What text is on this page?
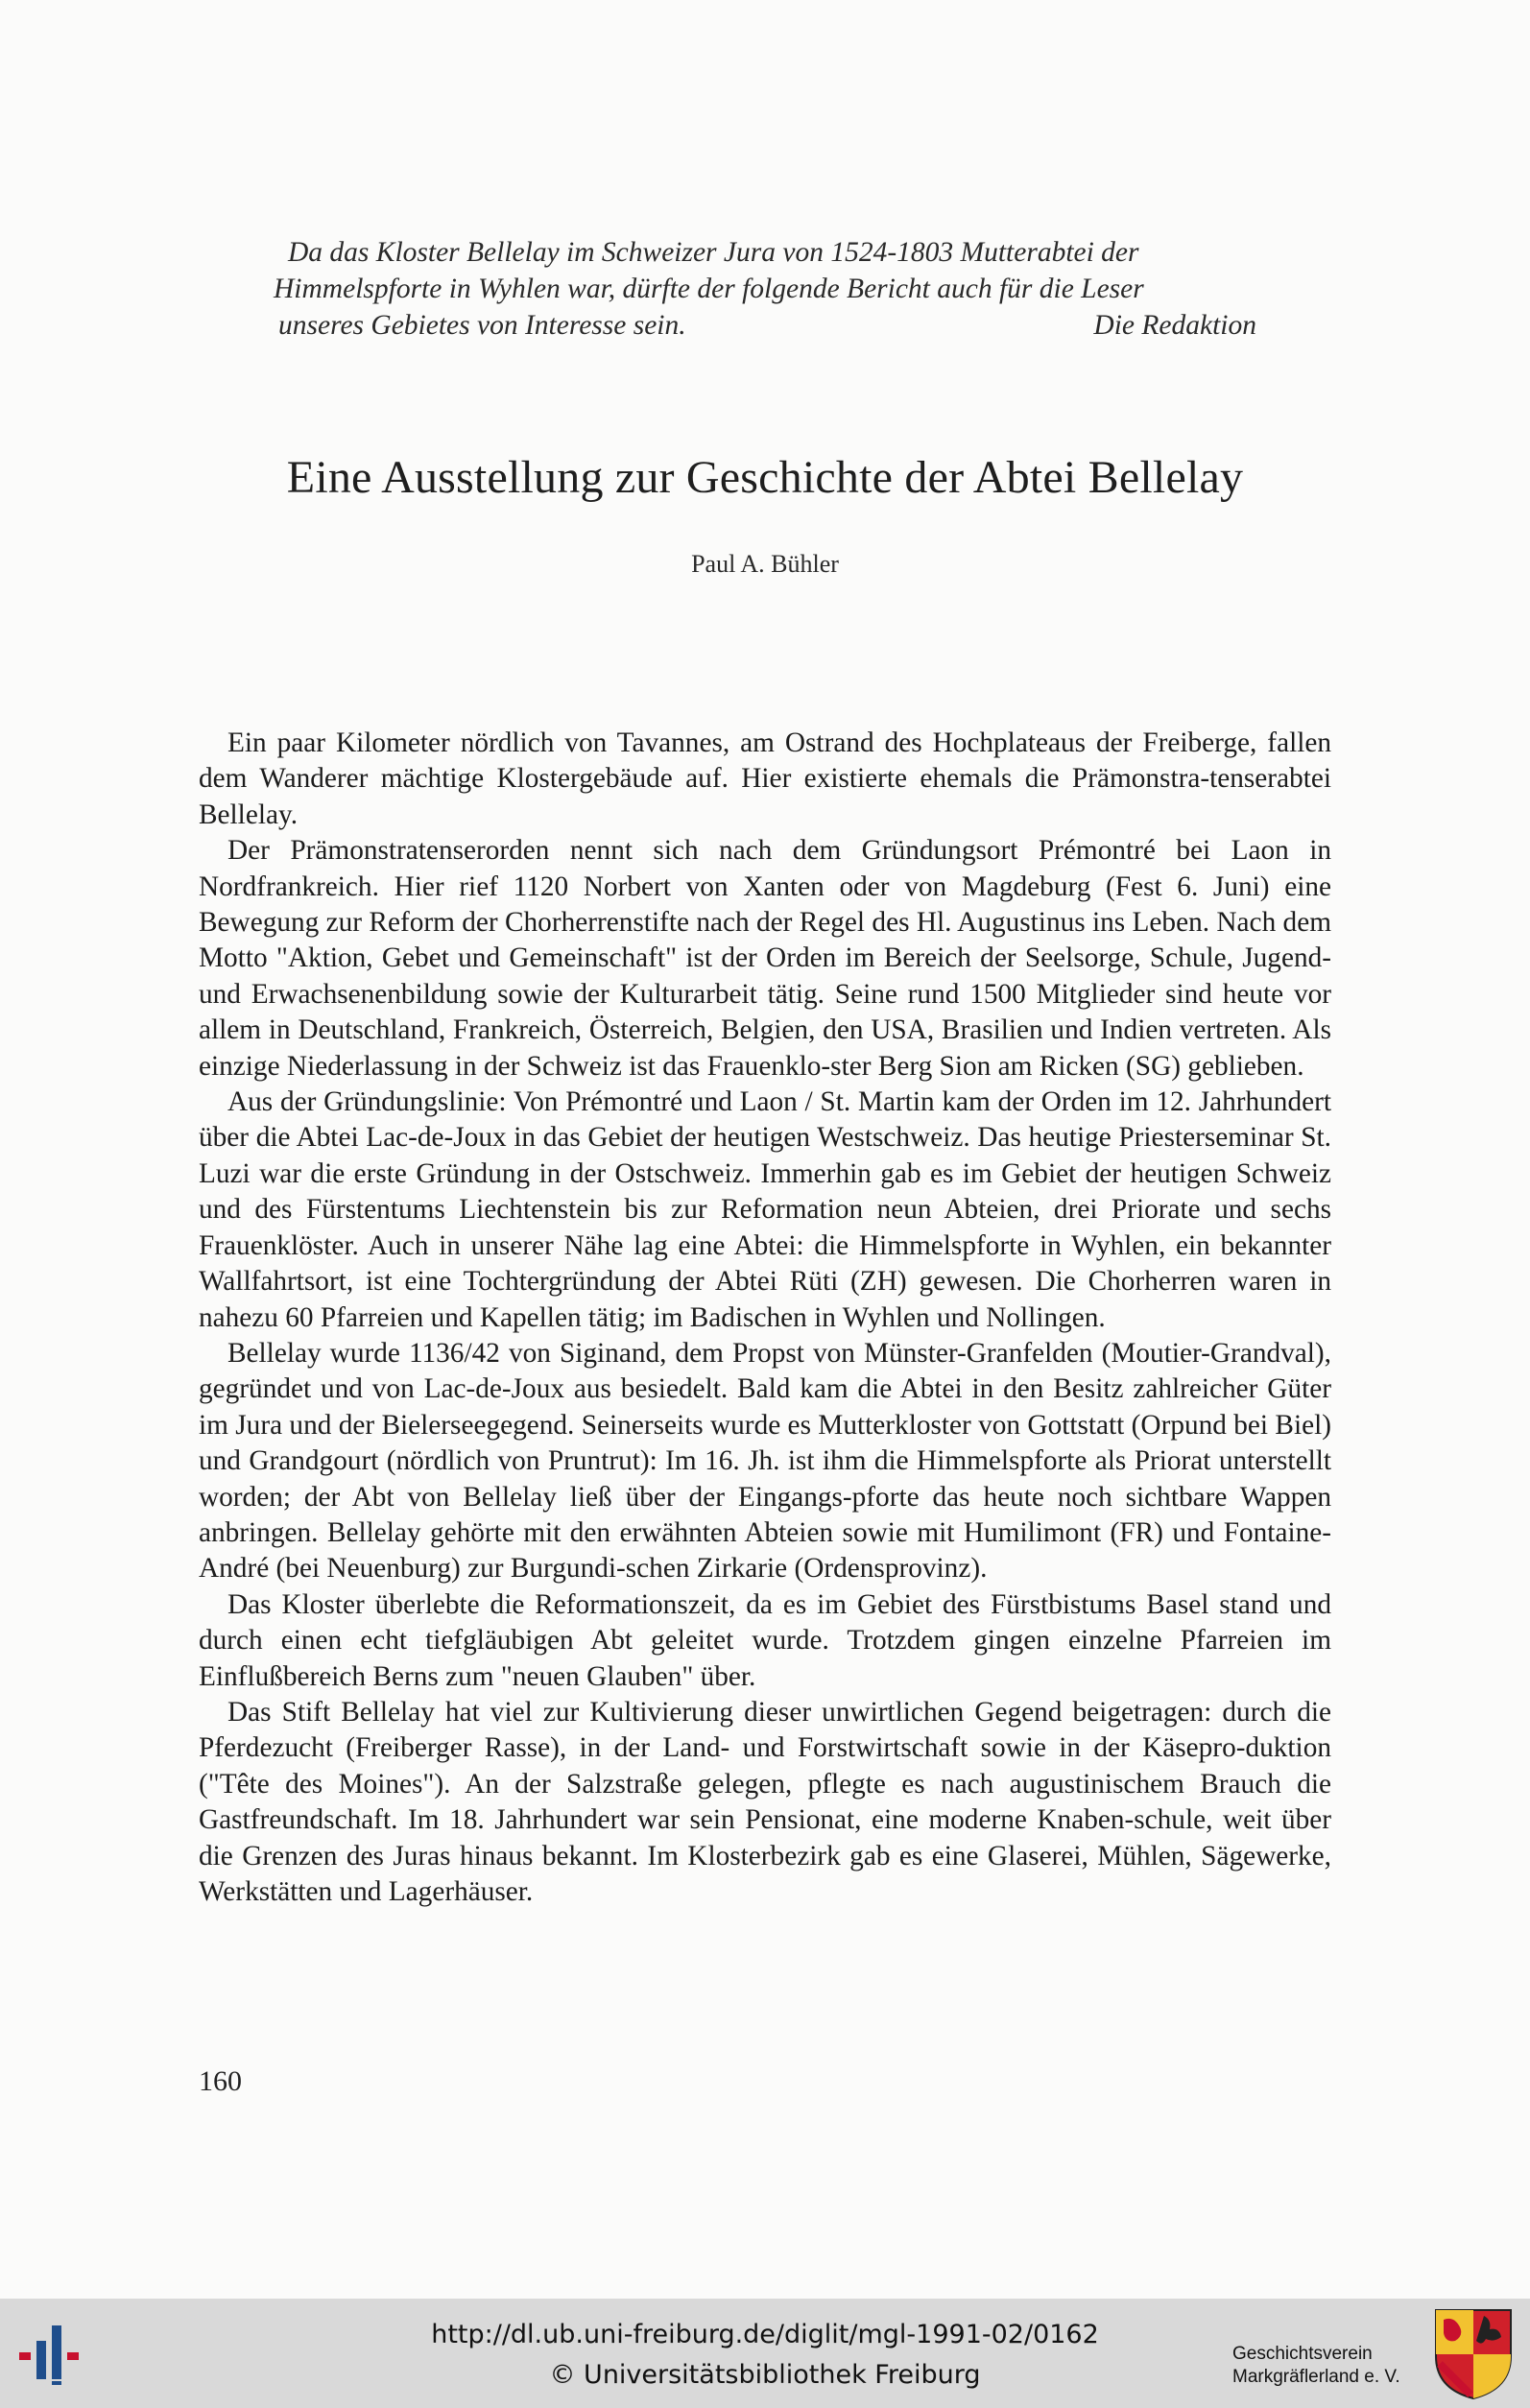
Da das Kloster Bellelay im Schweizer Jura von 1524-1803 Mutterabtei der
Himmelspforte in Wyhlen war, dürfte der folgende Bericht auch für die Leser
unseres Gebietes von Interesse sein.	Die Redaktion
Eine Ausstellung zur Geschichte der Abtei Bellelay
Paul A. Bühler

Ein paar Kilometer nördlich von Tavannes, am Ostrand des Hochplateaus der Freiberge, fallen dem Wanderer mächtige Klostergebäude auf. Hier existierte ehemals die Prämonstra-tenserabtei Bellelay.

Der Prämonstratenserorden nennt sich nach dem Gründungsort Prémontré bei Laon in Nordfrankreich. Hier rief 1120 Norbert von Xanten oder von Magdeburg (Fest 6. Juni) eine Bewegung zur Reform der Chorherrenstifte nach der Regel des Hl. Augustinus ins Leben. Nach dem Motto "Aktion, Gebet und Gemeinschaft" ist der Orden im Bereich der Seelsorge, Schule, Jugend- und Erwachsenenbildung sowie der Kulturarbeit tätig. Seine rund 1500 Mitglieder sind heute vor allem in Deutschland, Frankreich, Österreich, Belgien, den USA, Brasilien und Indien vertreten. Als einzige Niederlassung in der Schweiz ist das Frauenklo-ster Berg Sion am Ricken (SG) geblieben.

Aus der Gründungslinie: Von Prémontré und Laon / St. Martin kam der Orden im 12. Jahrhundert über die Abtei Lac-de-Joux in das Gebiet der heutigen Westschweiz. Das heutige Priesterseminar St. Luzi war die erste Gründung in der Ostschweiz. Immerhin gab es im Gebiet der heutigen Schweiz und des Fürstentums Liechtenstein bis zur Reformation neun Abteien, drei Priorate und sechs Frauenklöster. Auch in unserer Nähe lag eine Abtei: die Himmelspforte in Wyhlen, ein bekannter Wallfahrtsort, ist eine Tochtergründung der Abtei Rüti (ZH) gewesen. Die Chorherren waren in nahezu 60 Pfarreien und Kapellen tätig; im Badischen in Wyhlen und Nollingen.

Bellelay wurde 1136/42 von Siginand, dem Propst von Münster-Granfelden (Moutier-Grandval), gegründet und von Lac-de-Joux aus besiedelt. Bald kam die Abtei in den Besitz zahlreicher Güter im Jura und der Bielerseegegend. Seinerseits wurde es Mutterkloster von Gottstatt (Orpund bei Biel) und Grandgourt (nördlich von Pruntrut): Im 16. Jh. ist ihm die Himmelspforte als Priorat unterstellt worden; der Abt von Bellelay ließ über der Eingangs-pforte das heute noch sichtbare Wappen anbringen. Bellelay gehörte mit den erwähnten Abteien sowie mit Humilimont (FR) und Fontaine-André (bei Neuenburg) zur Burgundi-schen Zirkarie (Ordensprovinz).

Das Kloster überlebte die Reformationszeit, da es im Gebiet des Fürstbistums Basel stand und durch einen echt tiefgläubigen Abt geleitet wurde. Trotzdem gingen einzelne Pfarreien im Einflußbereich Berns zum "neuen Glauben" über.

Das Stift Bellelay hat viel zur Kultivierung dieser unwirtlichen Gegend beigetragen: durch die Pferdezucht (Freiberger Rasse), in der Land- und Forstwirtschaft sowie in der Käsepro-duktion ("Tête des Moines"). An der Salzstraße gelegen, pflegte es nach augustinischem Brauch die Gastfreundschaft. Im 18. Jahrhundert war sein Pensionat, eine moderne Knaben-schule, weit über die Grenzen des Juras hinaus bekannt. Im Klosterbezirk gab es eine Glaserei, Mühlen, Sägewerke, Werkstätten und Lagerhäuser.

160
http://dl.ub.uni-freiburg.de/diglit/mgl-1991-02/0162
© Universitätsbibliothek Freiburg
Geschichtsverein
Markgräflerland e. V.
